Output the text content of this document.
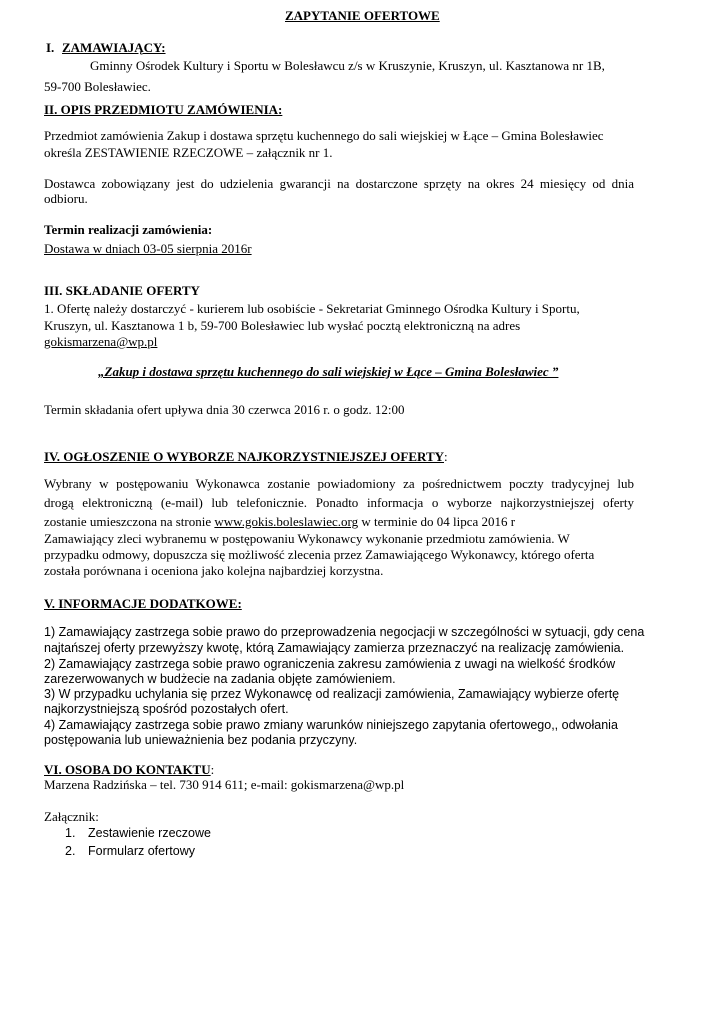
ZAPYTANIE OFERTOWE
I. ZAMAWIAJĄCY:
Gminny Ośrodek Kultury i Sportu w Bolesławcu z/s w Kruszynie, Kruszyn, ul. Kasztanowa nr 1B,
59-700 Bolesławiec.
II. OPIS PRZEDMIOTU ZAMÓWIENIA:
Przedmiot zamówienia Zakup i dostawa sprzętu kuchennego do sali wiejskiej w Łące – Gmina Bolesławiec
określa ZESTAWIENIE RZECZOWE – załącznik nr 1.
Dostawca zobowiązany jest do udzielenia gwarancji na dostarczone sprzęty na okres 24 miesięcy od dnia
odbioru.
Termin realizacji zamówienia:
Dostawa w dniach 03-05 sierpnia 2016r
III. SKŁADANIE OFERTY
1. Ofertę należy dostarczyć - kurierem lub osobiście - Sekretariat Gminnego Ośrodka Kultury i Sportu,
Kruszyn, ul. Kasztanowa 1 b, 59-700 Bolesławiec lub wysłać pocztą elektroniczną na adres
gokismarzena@wp.pl
„Zakup i dostawa sprzętu kuchennego do sali wiejskiej w Łące – Gmina Bolesławiec ”
Termin składania ofert upływa dnia 30 czerwca 2016 r. o godz. 12:00
IV. OGŁOSZENIE O WYBORZE NAJKORZYSTNIEJSZEJ OFERTY:
Wybrany w postępowaniu Wykonawca zostanie powiadomiony za pośrednictwem poczty tradycyjnej lub
drogą elektroniczną (e-mail) lub telefonicznie. Ponadto informacja o wyborze najkorzystniejszej oferty
zostanie umieszczona na stronie www.gokis.boleslawiec.org w terminie do 04 lipca 2016 r
Zamawiający zleci wybranemu w postępowaniu Wykonawcy wykonanie przedmiotu zamówienia. W
przypadku odmowy, dopuszcza się możliwość zlecenia przez Zamawiającego Wykonawcy, którego oferta
została porównana i oceniona jako kolejna najbardziej korzystna.
V. INFORMACJE DODATKOWE:
1) Zamawiający zastrzega sobie prawo do przeprowadzenia negocjacji w szczególności w sytuacji, gdy cena
najtańszej oferty przewyższy kwotę, którą Zamawiający zamierza przeznaczyć na realizację zamówienia.
2) Zamawiający zastrzega sobie prawo ograniczenia zakresu zamówienia z uwagi na wielkość środków
zarezerwowanych w budżecie na zadania objęte zamówieniem.
3) W przypadku uchylania się przez Wykonawcę od realizacji zamówienia, Zamawiający wybierze ofertę
najkorzystniejszą spośród pozostałych ofert.
4) Zamawiający zastrzega sobie prawo zmiany warunków niniejszego zapytania ofertowego,, odwołania
postępowania lub unieważnienia bez podania przyczyny.
VI. OSOBA DO KONTAKTU:
Marzena Radzińska – tel. 730 914 611; e-mail: gokismarzena@wp.pl
Załącznik:
1. Zestawienie rzeczowe
2. Formularz ofertowy
